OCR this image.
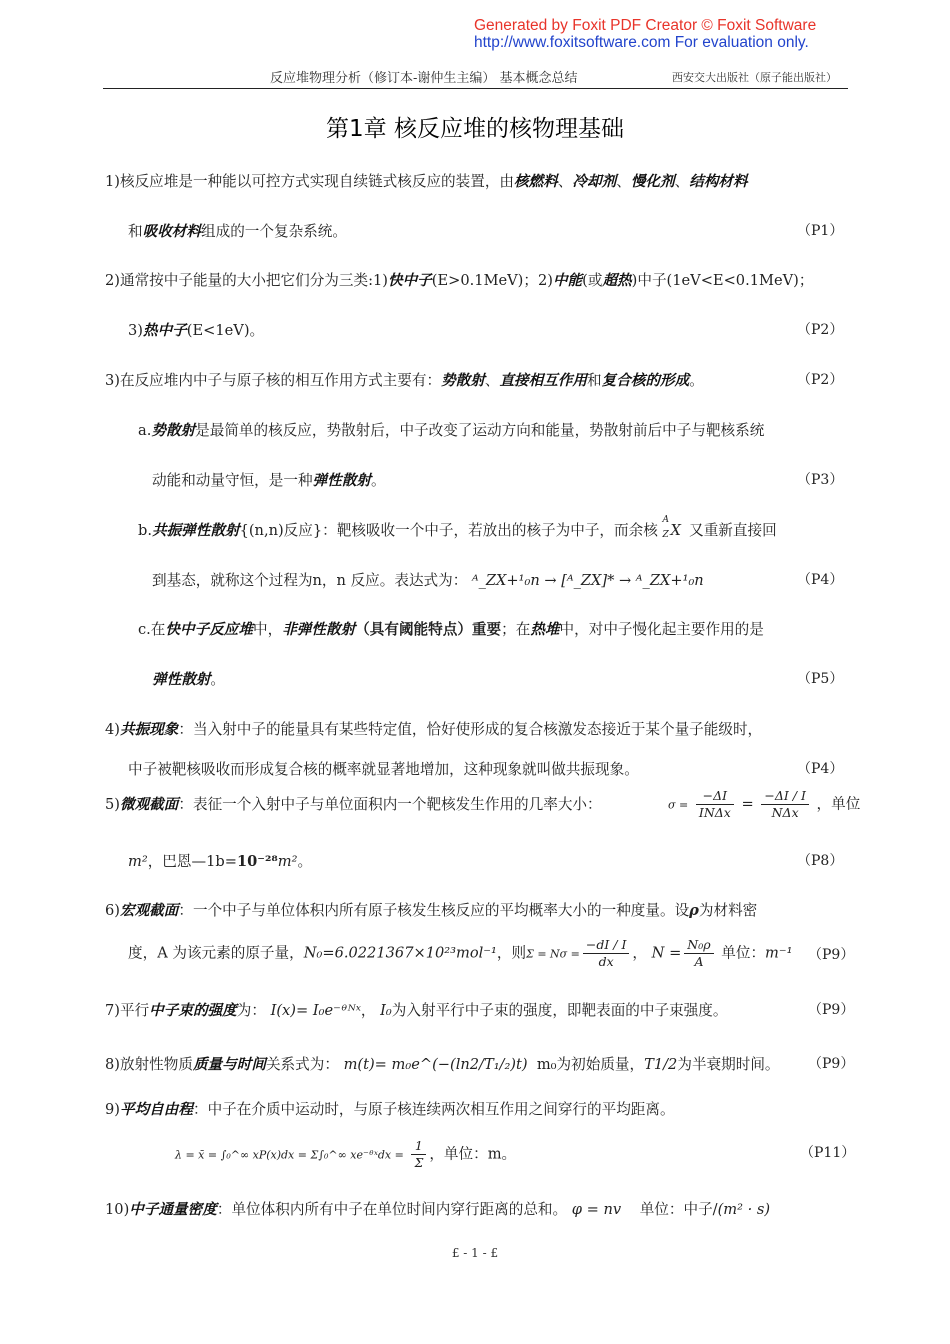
Generated by Foxit PDF Creator © Foxit Software
http://www.foxitsoftware.com For evaluation only.
反应堆物理分析（修订本-谢仲生主编） 基本概念总结	西安交大出版社（原子能出版社）
第1章 核反应堆的核物理基础
1)核反应堆是一种能以可控方式实现自续链式核反应的装置，由核燃料、冷却剂、慢化剂、结构材料
和吸收材料组成的一个复杂系统。	（P1）
2)通常按中子能量的大小把它们分为三类:1)快中子(E>0.1MeV)；2)中能(或超热)中子(1eV<E<0.1MeV)；
3)热中子(E<1eV)。	（P2）
3)在反应堆内中子与原子核的相互作用方式主要有：势散射、直接相互作用和复合核的形成。	（P2）
a.势散射是最简单的核反应，势散射后，中子改变了运动方向和能量，势散射前后中子与靶核系统
动能和动量守恒，是一种弹性散射。	（P3）
b.共振弹性散射{(n,n)反应}：靶核吸收一个中子，若放出的核子为中子，而余核
A
Z X 又重新直接回
到基态，就称这个过程为n，n 反应。表达式为： ᴬ_ZX+¹₀n → [ᴬ_ZX]* → ᴬ_ZX+¹₀n	（P4）
c.在快中子反应堆中，非弹性散射（具有阈能特点）重要；在热堆中，对中子慢化起主要作用的是
弹性散射。	（P5）
4)共振现象：当入射中子的能量具有某些特定值，恰好使形成的复合核激发态接近于某个量子能级时，
中子被靶核吸收而形成复合核的概率就显著地增加，这种现象就叫做共振现象。	（P4）
5)微观截面：表征一个入射中子与单位面积内一个靶核发生作用的几率大小：	$\sigma = \frac{-\Delta I}{\text{INΔx}} = \frac{-\Delta I / I}{\text{NΔx}}$ ，单位
m²，巴恩—1b=10⁻²⁸m²。	（P8）
6)宏观截面：一个中子与单位体积内所有原子核发生核反应的平均概率大小的一种度量。设ρ为材料密
度，A 为该元素的原子量，N₀=6.0221367×10²³mol⁻¹，则$\Sigma = N\sigma = \frac{-dI / I}{dx}$ ， $N = \frac{\text{N₀ρ}}{A}$ 单位：m⁻¹ （P9）
7)平行中子束的强度为： I(x)= I₀e⁻ᶿᴺˣ， I₀为入射平行中子束的强度，即靶表面的中子束强度。	（P9）
8)放射性物质质量与时间关系式为： m(t)= m₀e^(−(ln2/T₁/₂)t) m₀为初始质量，T1/2为半衰期时间。 （P9）
9)平均自由程：中子在介质中运动时，与原子核连续两次相互作用之间穿行的平均距离。
λ = x̄ = ∫₀^∞ xP(x)dx = Σ∫₀^∞ xe⁻ᶿˣdx = $\frac{1}{\Sigma}$ ，单位：m。	（P11）
10)中子通量密度：单位体积内所有中子在单位时间内穿行距离的总和。 φ = nv 单位：中子/(m² · s)
£ - 1 - £
